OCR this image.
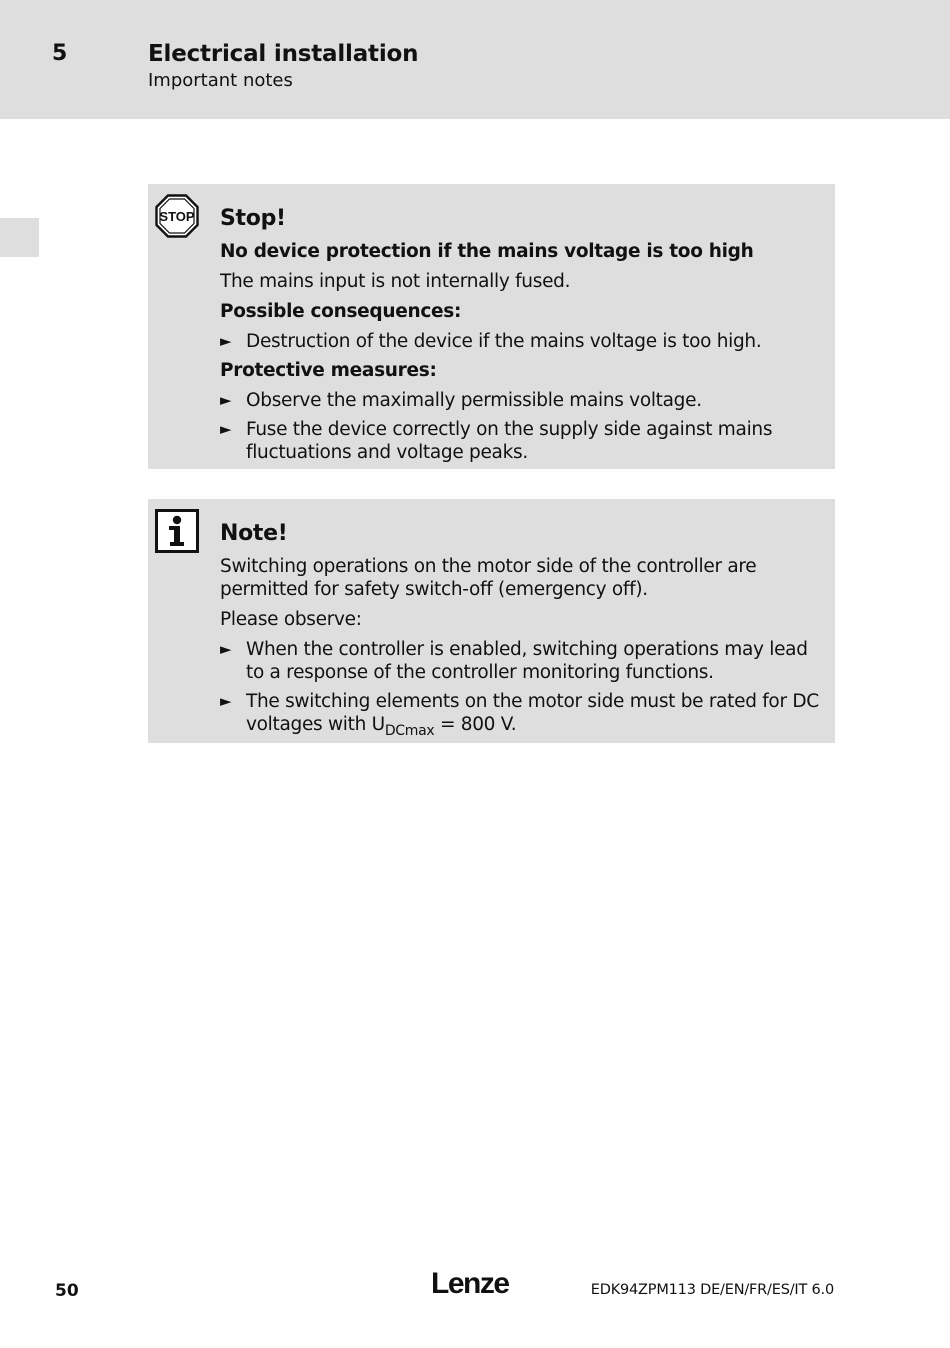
5	Electrical installation
Important notes
STOP Stop!
No device protection if the mains voltage is too high
The mains input is not internally fused.
Possible consequences:
► Destruction of the device if the mains voltage is too high.
Protective measures:
► Observe the maximally permissible mains voltage.
► Fuse the device correctly on the supply side against mains fluctuations and voltage peaks.
Note!
Switching operations on the motor side of the controller are permitted for safety switch-off (emergency off).
Please observe:
► When the controller is enabled, switching operations may lead to a response of the controller monitoring functions.
► The switching elements on the motor side must be rated for DC voltages with $U_{DCmax} = 800$ V.
50	Lenze	EDK94ZPM113 DE/EN/FR/ES/IT 6.0
